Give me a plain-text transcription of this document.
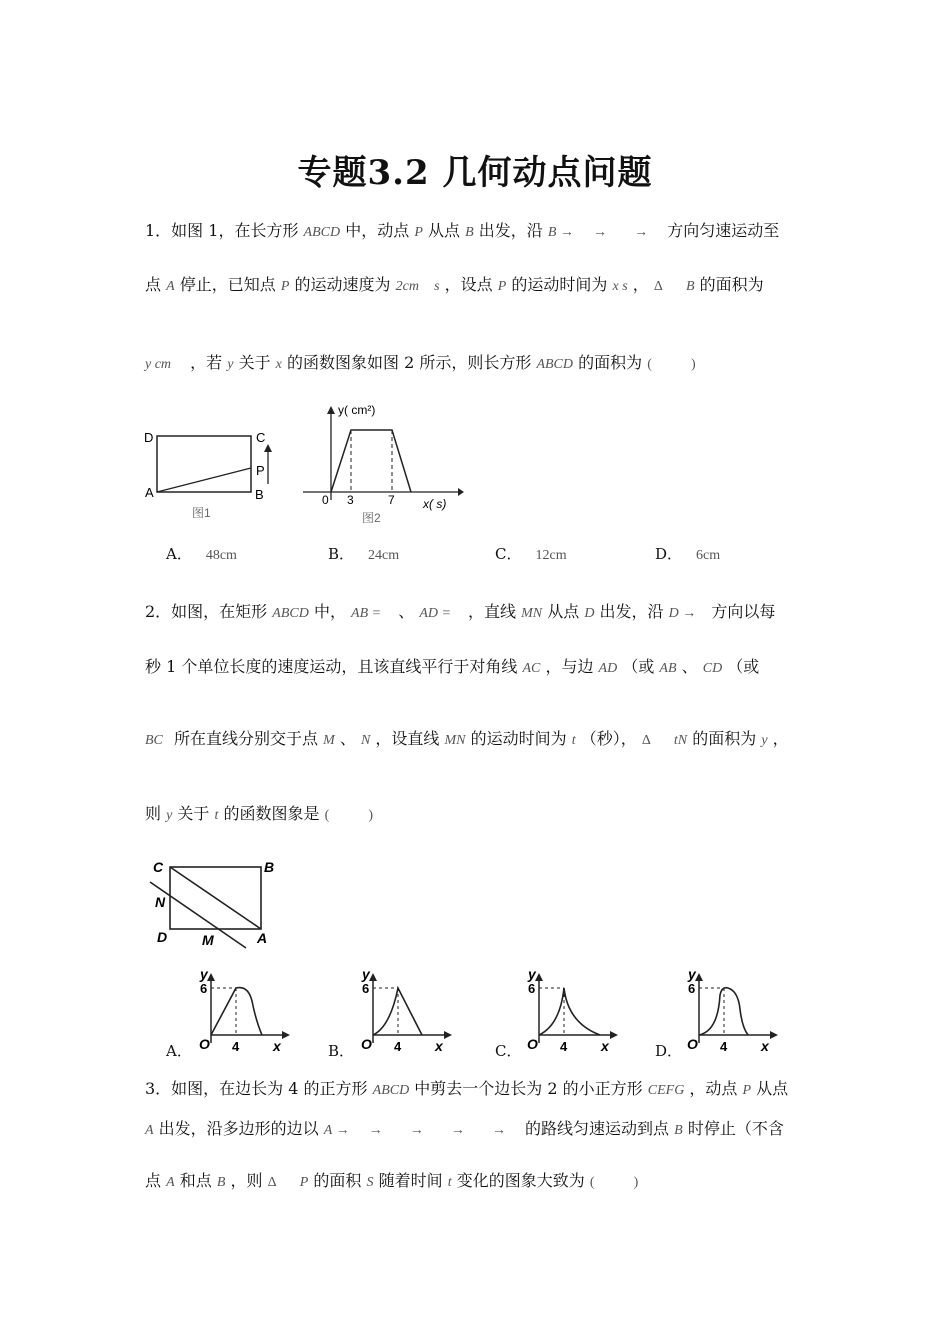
专题3.2 几何动点问题
1．如图 1，在长方形 ABCD 中，动点 P 从点 B 出发，沿 B → → → 方向匀速运动至
点 A 停止，已知点 P 的运动速度为 2cm s ，设点 P 的运动时间为 x s ， Δ B 的面积为
y cm ，若 y 关于 x 的函数图象如图 2 所示，则长方形 ABCD 的面积为 (	)
D	C
A	B
P
图1
y( cm²)
x( s)
0 3	7
图2
A． 48cm	B． 24cm	C． 12cm	D． 6cm
2．如图，在矩形 ABCD 中， AB = 、 AD = ，直线 MN 从点 D 出发，沿 D → 方向以每
秒 1 个单位长度的速度运动，且该直线平行于对角线 AC ，与边 AD （或 AB 、 CD （或
BC 所在直线分别交于点 M 、 N ，设直线 MN 的运动时间为 t （秒）， Δ tN 的面积为 y ，
则 y 关于 t 的函数图象是 (	)
C	B
N
D M	A
A．	B．	C．	D．
y
6
O 4 x
y
6
O 4 x
y
6
O 4 x
y
6
O 4 x
3．如图，在边长为 4 的正方形 ABCD 中剪去一个边长为 2 的小正方形 CEFG ，动点 P 从点
A 出发，沿多边形的边以 A → → → → → 的路线匀速运动到点 B 时停止（不含
点 A 和点 B ，则 Δ P 的面积 S 随着时间 t 变化的图象大致为 (	)
